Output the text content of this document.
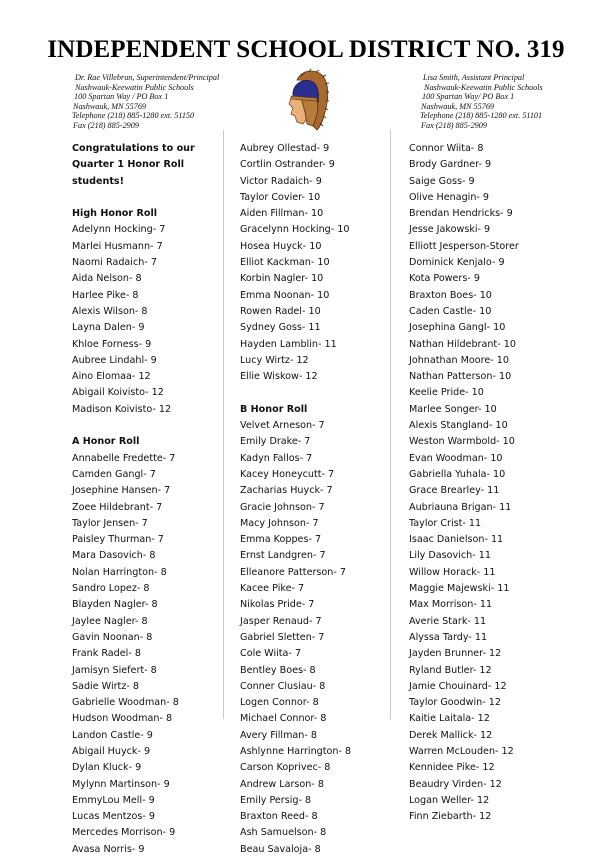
INDEPENDENT SCHOOL DISTRICT NO. 319
Dr. Rae Villebrun, Superintendent/Principal
Nashwauk-Keewatin Public Schools
100 Spartan Way / PO Box 1
Nashwauk, MN 55769
Telephone (218) 885-1280 ext. 51150
Fax (218) 885-2909
Lisa Smith, Assistant Principal
Nashwauk-Keewatin Public Schools
100 Spartan Way/ PO Box 1
Nashwauk, MN 55769
Telephone (218) 885-1280 ext. 51101
Fax (218) 885-2909
Congratulations to our Quarter 1 Honor Roll students!
High Honor Roll
Adelynn Hocking- 7
Marlei Husmann- 7
Naomi Radaich- 7
Aida Nelson- 8
Harlee Pike- 8
Alexis Wilson- 8
Layna Dalen- 9
Khloe Forness- 9
Aubree Lindahl- 9
Aino Elomaa- 12
Abigail Koivisto- 12
Madison Koivisto- 12
A Honor Roll
Annabelle Fredette- 7
Camden Gangl- 7
Josephine Hansen- 7
Zoee Hildebrant- 7
Taylor Jensen- 7
Paisley Thurman- 7
Mara Dasovich- 8
Nolan Harrington- 8
Sandro Lopez- 8
Blayden Nagler- 8
Jaylee Nagler- 8
Gavin Noonan- 8
Frank Radel- 8
Jamisyn Siefert- 8
Sadie Wirtz- 8
Gabrielle Woodman- 8
Hudson Woodman- 8
Landon Castle- 9
Abigail Huyck- 9
Dylan Kluck- 9
Mylynn Martinson- 9
EmmyLou Mell- 9
Lucas Mentzos- 9
Mercedes Morrison- 9
Avasa Norris- 9
Aubrey Ollestad- 9
Cortlin Ostrander- 9
Victor Radaich- 9
Taylor Covier- 10
Aiden Fillman- 10
Gracelynn Hocking- 10
Hosea Huyck- 10
Elliot Kackman- 10
Korbin Nagler- 10
Emma Noonan- 10
Rowen Radel- 10
Sydney Goss- 11
Hayden Lamblin- 11
Lucy Wirtz- 12
Ellie Wiskow- 12
B Honor Roll
Velvet Arneson- 7
Emily Drake- 7
Kadyn Fallos- 7
Kacey Honeycutt- 7
Zacharias Huyck- 7
Gracie Johnson- 7
Macy Johnson- 7
Emma Koppes- 7
Ernst Landgren- 7
Elleanore Patterson- 7
Kacee Pike- 7
Nikolas Pride- 7
Jasper Renaud- 7
Gabriel Sletten- 7
Cole Wiita- 7
Bentley Boes- 8
Conner Clusiau- 8
Logen Connor- 8
Michael Connor- 8
Avery Fillman- 8
Ashlynne Harrington- 8
Carson Koprivec- 8
Andrew Larson- 8
Emily Persig- 8
Braxton Reed- 8
Ash Samuelson- 8
Beau Savaloja- 8
Connor Wiita- 8
Brody Gardner- 9
Saige Goss- 9
Olive Henagin- 9
Brendan Hendricks- 9
Jesse Jakowski- 9
Elliott Jesperson-Storer
Dominick Kenjalo- 9
Kota Powers- 9
Braxton Boes- 10
Caden Castle- 10
Josephina Gangl- 10
Nathan Hildebrant- 10
Johnathan Moore- 10
Nathan Patterson- 10
Keelie Pride- 10
Marlee Songer- 10
Alexis Stangland- 10
Weston Warmbold- 10
Evan Woodman- 10
Gabriella Yuhala- 10
Grace Brearley- 11
Aubriauna Brigan- 11
Taylor Crist- 11
Isaac Danielson- 11
Lily Dasovich- 11
Willow Horack- 11
Maggie Majewski- 11
Max Morrison- 11
Averie Stark- 11
Alyssa Tardy- 11
Jayden Brunner- 12
Ryland Butler- 12
Jamie Chouinard- 12
Taylor Goodwin- 12
Kaitie Laitala- 12
Derek Mallick- 12
Warren McLouden- 12
Kennidee Pike- 12
Beaudry Virden- 12
Logan Weller- 12
Finn Ziebarth- 12
